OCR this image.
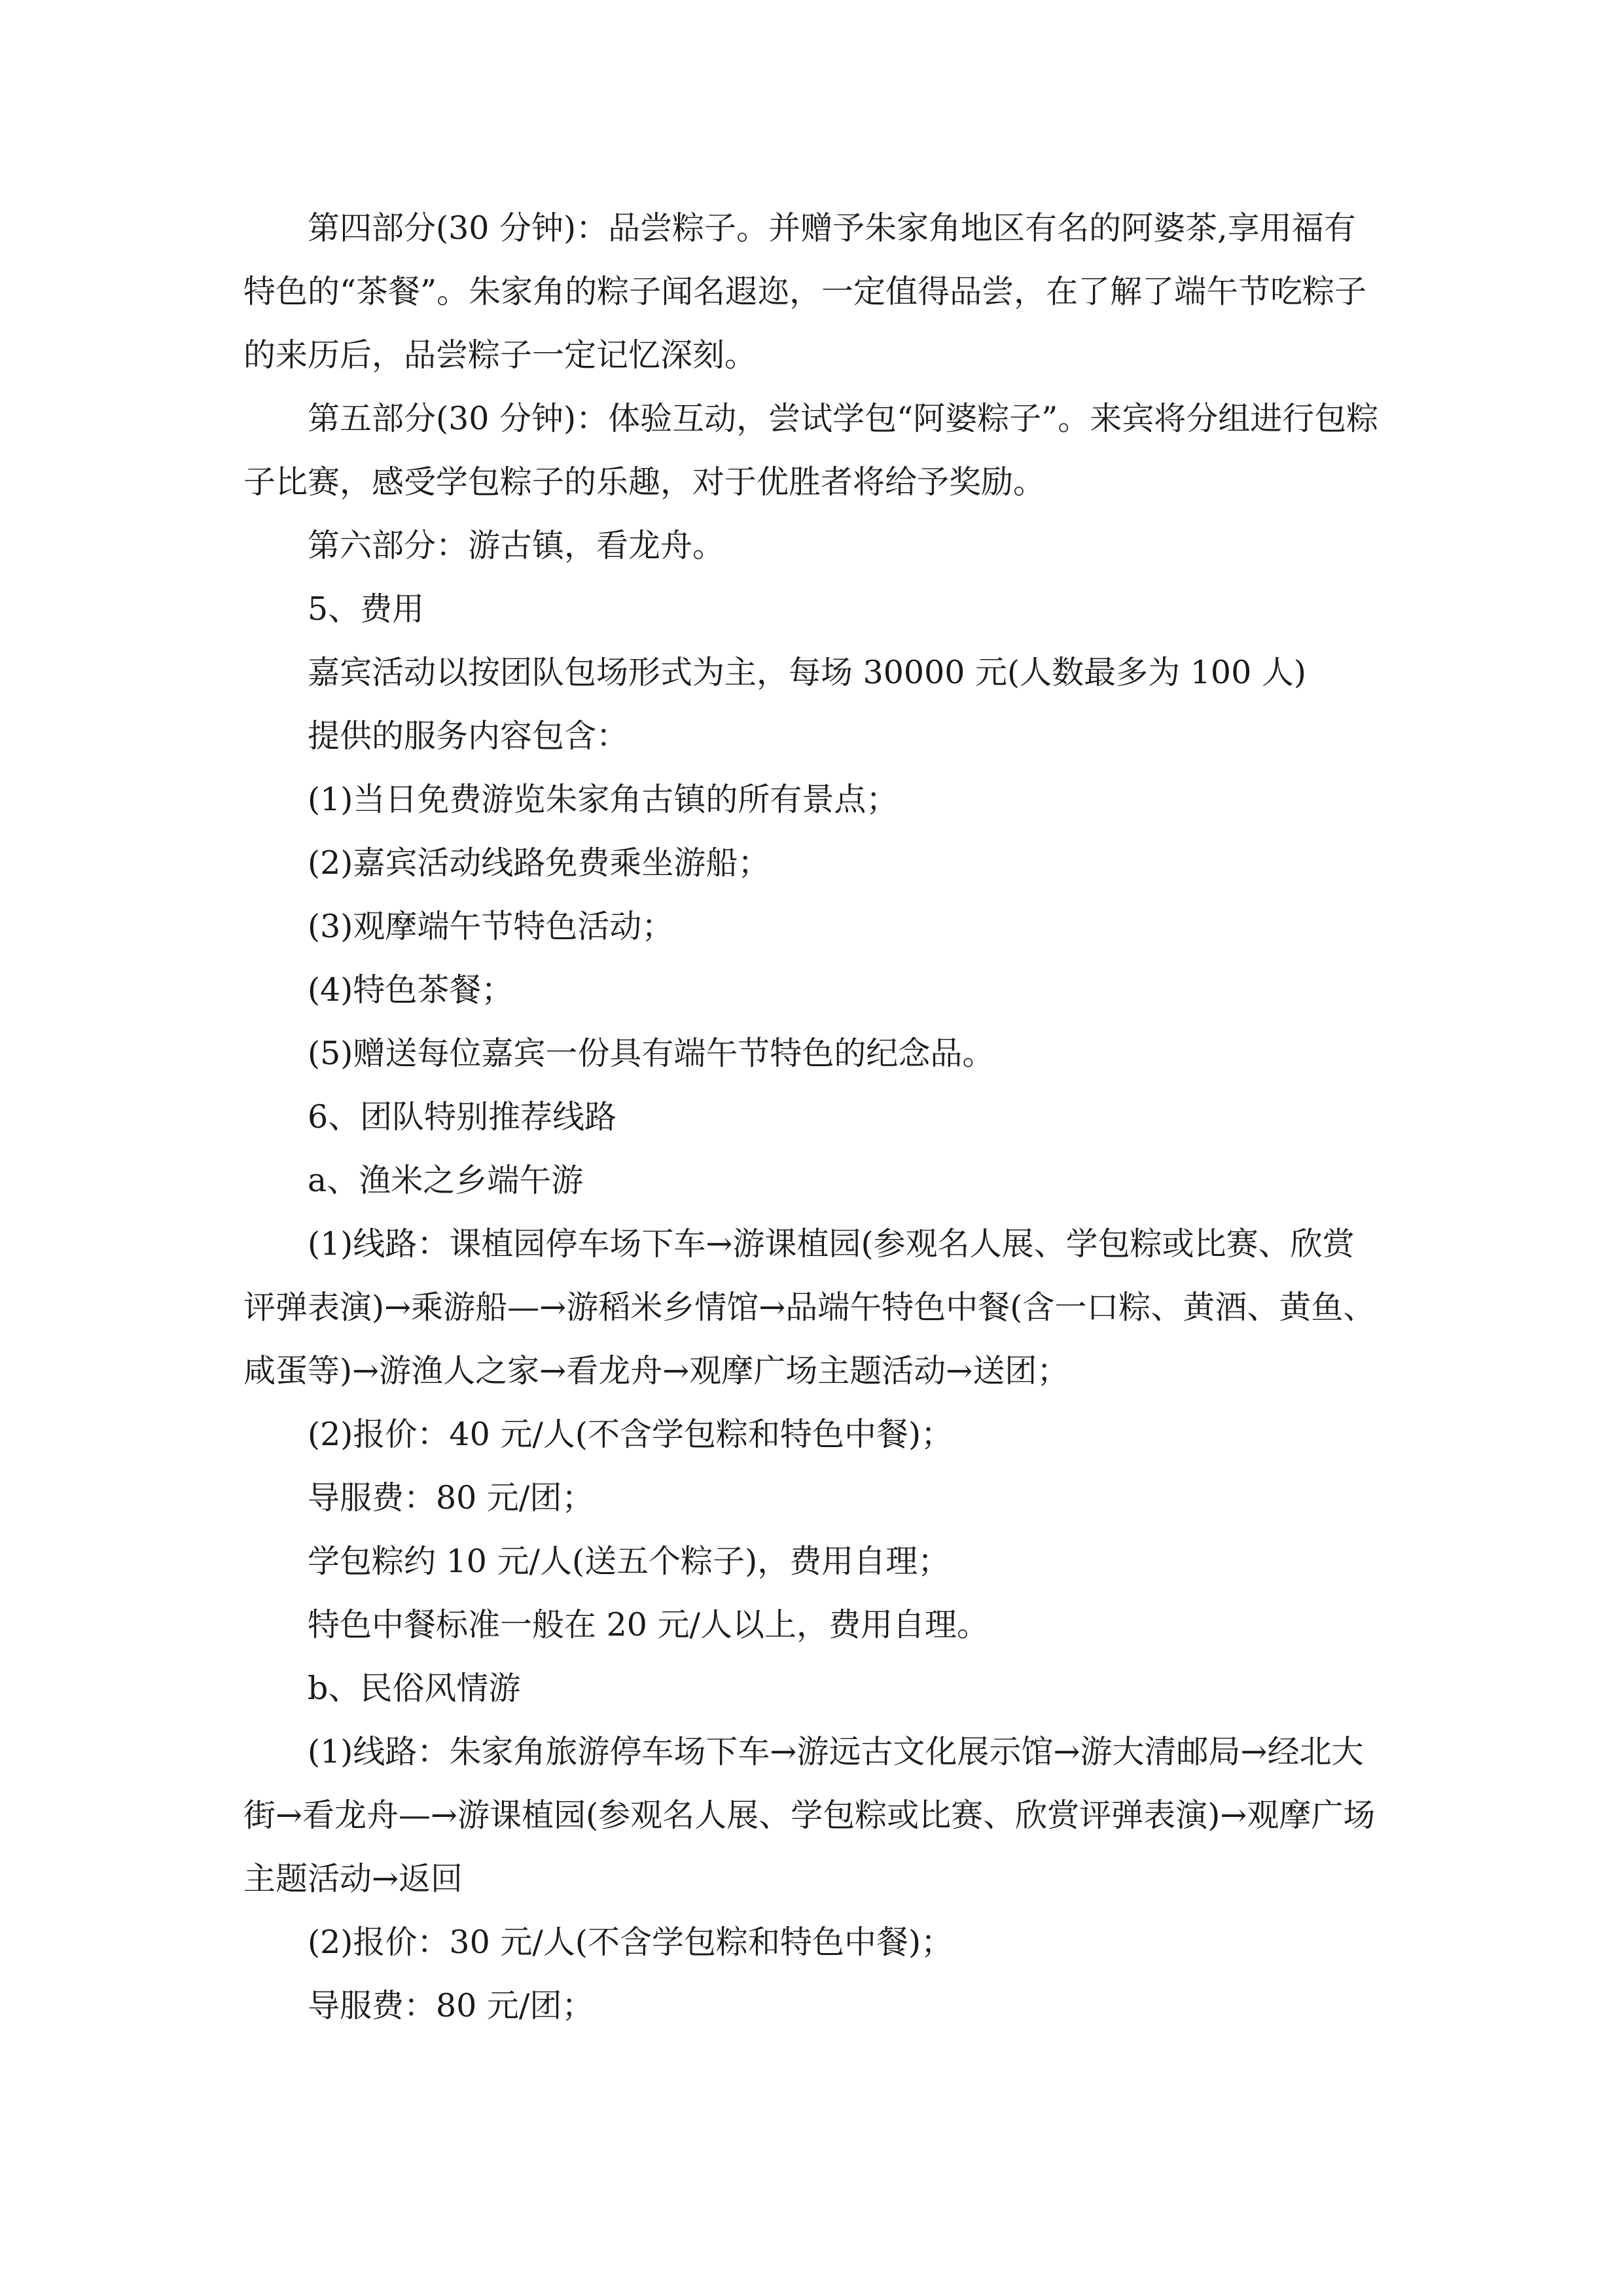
第四部分(30 分钟)：品尝粽子。并赠予朱家角地区有名的阿婆茶,享用福有特色的“茶餐”。朱家角的粽子闻名遐迩，一定值得品尝，在了解了端午节吃粽子的来历后，品尝粽子一定记忆深刻。

第五部分(30 分钟)：体验互动，尝试学包“阿婆粽子”。来宾将分组进行包粽子比赛，感受学包粽子的乐趣，对于优胜者将给予奖励。

第六部分：游古镇，看龙舟。

5、费用

嘉宾活动以按团队包场形式为主，每场 30000 元(人数最多为 100 人)

提供的服务内容包含：

(1)当日免费游览朱家角古镇的所有景点；

(2)嘉宾活动线路免费乘坐游船；

(3)观摩端午节特色活动；

(4)特色茶餐；

(5)赠送每位嘉宾一份具有端午节特色的纪念品。

6、团队特别推荐线路

a、渔米之乡端午游

(1)线路：课植园停车场下车→游课植园(参观名人展、学包粽或比赛、欣赏评弹表演)→乘游船—→游稻米乡情馆→品端午特色中餐(含一口粽、黄酒、黄鱼、咸蛋等)→游渔人之家→看龙舟→观摩广场主题活动→送团；

(2)报价：40 元/人(不含学包粽和特色中餐)；

导服费：80 元/团；

学包粽约 10 元/人(送五个粽子)，费用自理；

特色中餐标准一般在 20 元/人以上，费用自理。

b、民俗风情游

(1)线路：朱家角旅游停车场下车→游远古文化展示馆→游大清邮局→经北大街→看龙舟—→游课植园(参观名人展、学包粽或比赛、欣赏评弹表演)→观摩广场主题活动→返回

(2)报价：30 元/人(不含学包粽和特色中餐)；

导服费：80 元/团；
